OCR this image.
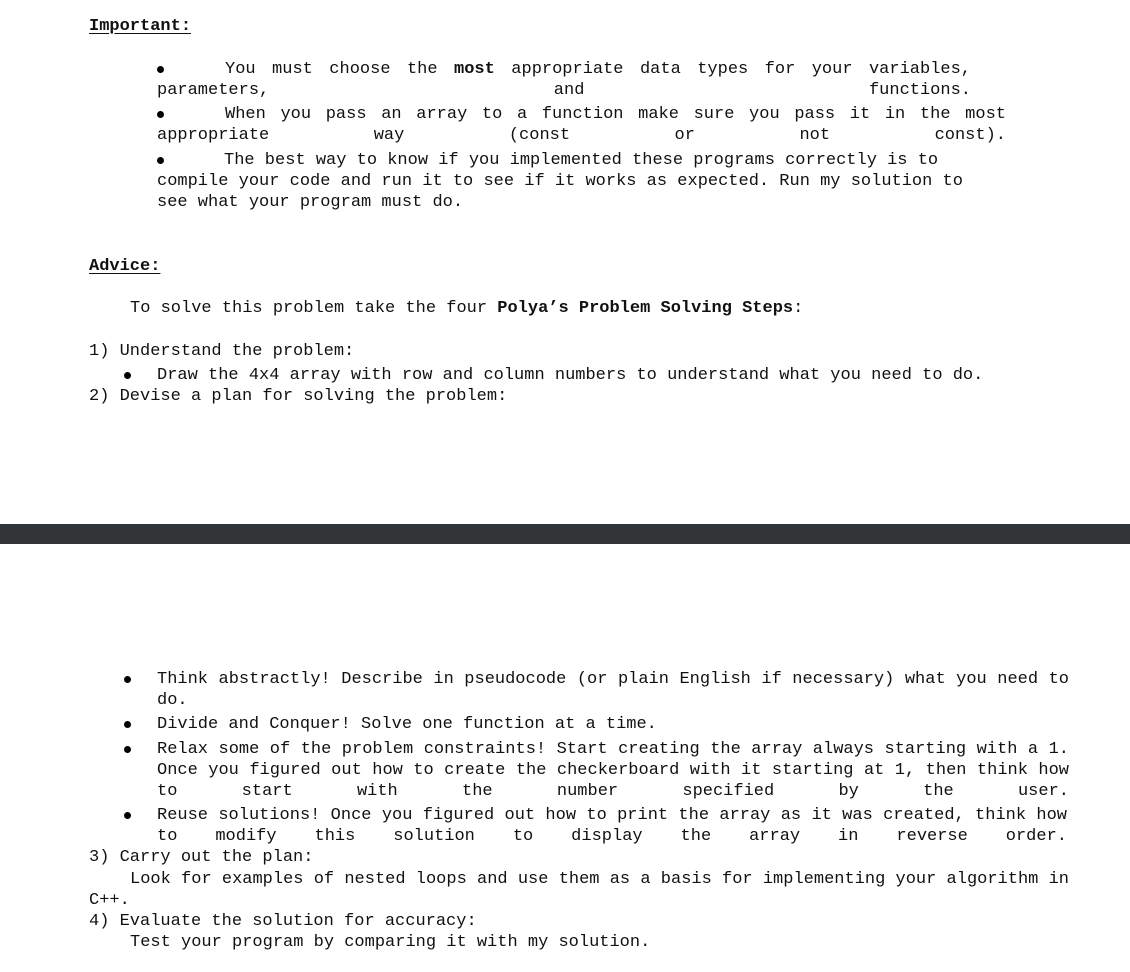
Important:
You must choose the most appropriate data types for your variables, parameters, and functions.
When you pass an array to a function make sure you pass it in the most appropriate way (const or not const).
The best way to know if you implemented these programs correctly is to
compile your code and run it to see if it works as expected. Run my solution to
see what your program must do.
Advice:
To solve this problem take the four Polya’s Problem Solving Steps:
1) Understand the problem:
Draw the 4x4 array with row and column numbers to understand what you need to do.
2) Devise a plan for solving the problem:
Think abstractly! Describe in pseudocode (or plain English if necessary) what you need to do.
Divide and Conquer! Solve one function at a time.
Relax some of the problem constraints! Start creating the array always starting with a 1. Once you figured out how to create the checkerboard with it starting at 1, then think how to start with the number specified by the user.
Reuse solutions! Once you figured out how to print the array as it was created, think how to modify this solution to display the array in reverse order.
3) Carry out the plan:
Look for examples of nested loops and use them as a basis for implementing your algorithm in C++.
4) Evaluate the solution for accuracy:
Test your program by comparing it with my solution.
